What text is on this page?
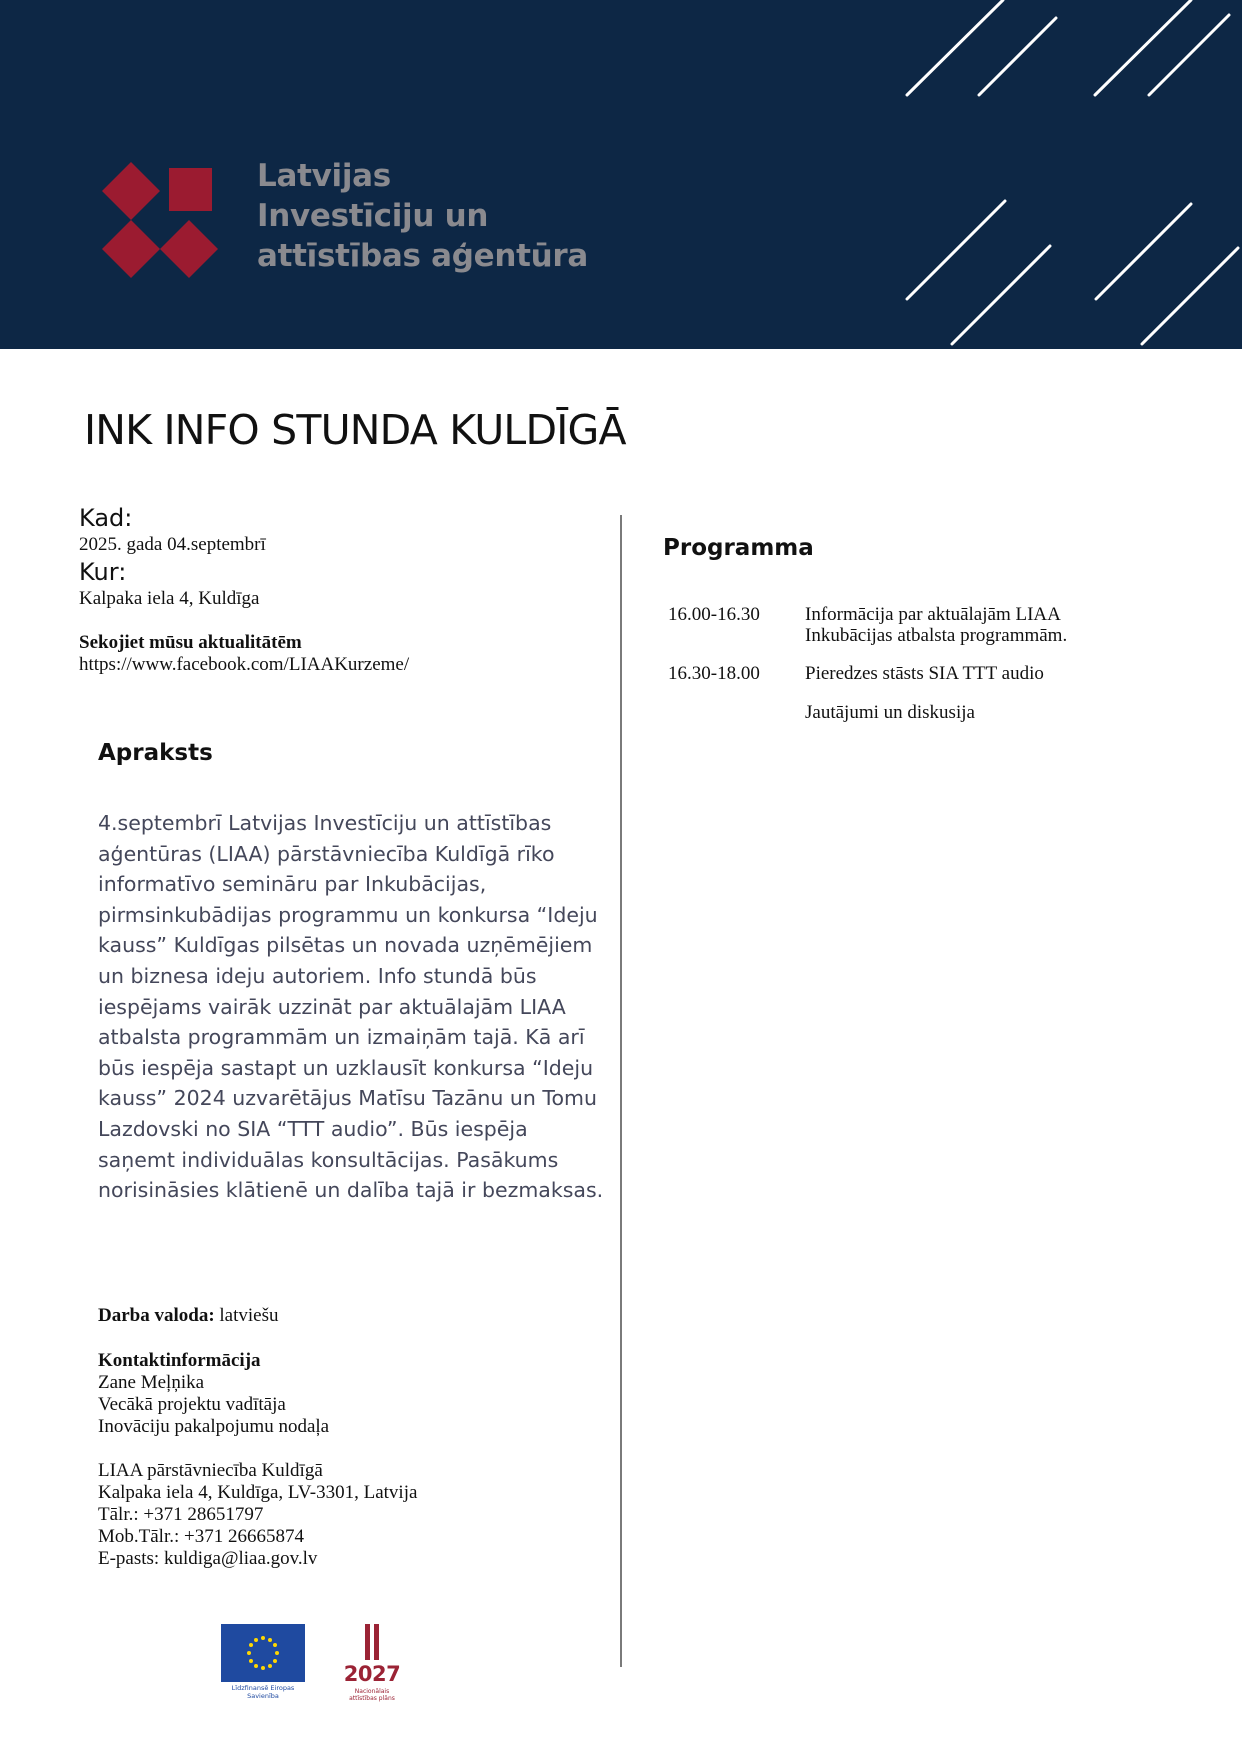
Latvijas
Investīciju un
attīstības aģentūra
INK INFO STUNDA KULDĪGĀ
Kad:
2025. gada 04.septembrī
Kur:
Kalpaka iela 4, Kuldīga
Sekojiet mūsu aktualitātēm
https://www.facebook.com/LIAAKurzeme/
Apraksts

4.septembrī Latvijas Investīciju un attīstības aģentūras (LIAA) pārstāvniecība Kuldīgā rīko informatīvo semināru par Inkubācijas, pirmsinkubādijas programmu un konkursa “Ideju kauss” Kuldīgas pilsētas un novada uzņēmējiem un biznesa ideju autoriem. Info stundā būs iespējams vairāk uzzināt par aktuālajām LIAA atbalsta programmām un izmaiņām tajā. Kā arī būs iespēja sastapt un uzklausīt konkursa “Ideju kauss” 2024 uzvarētājus Matīsu Tazānu un Tomu Lazdovski no SIA “TTT audio”. Būs iespēja saņemt individuālas konsultācijas. Pasākums norisināsies klātienē un dalība tajā ir bezmaksas.

Darba valoda: latviešu
Kontaktinformācija
Zane Meļņika
Vecākā projektu vadītāja
Inovāciju pakalpojumu nodaļa
LIAA pārstāvniecība Kuldīgā
Kalpaka iela 4, Kuldīga, LV-3301, Latvija
Tālr.: +371 28651797
Mob.Tālr.: +371 26665874
E-pasts: kuldiga@liaa.gov.lv
Programma
16.00-16.30 Informācija par aktuālajām LIAA Inkubācijas atbalsta programmām.
16.30-18.00 Pieredzes stāsts SIA TTT audio
Jautājumi un diskusija
Līdzfinansē Eiropas Savienība
2027
Nacionālais attīstības plāns
